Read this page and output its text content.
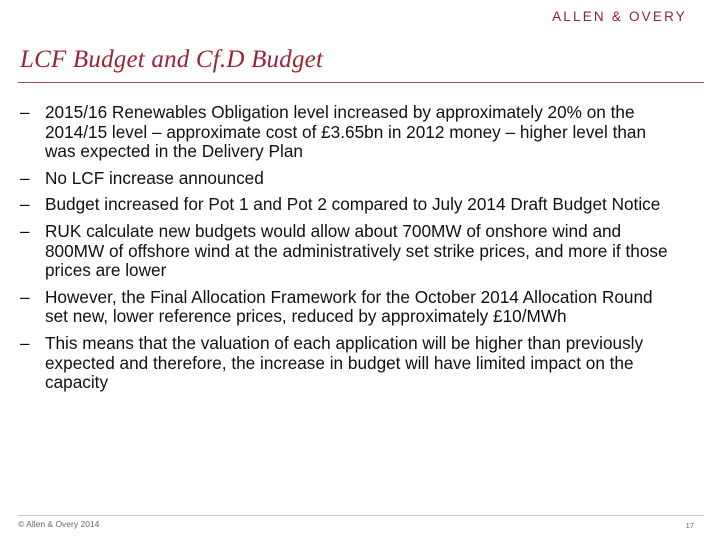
ALLEN & OVERY
LCF Budget and Cf.D Budget
– 2015/16 Renewables Obligation level increased by approximately 20% on the 2014/15 level – approximate cost of £3.65bn in 2012 money – higher level than was expected in the Delivery Plan
– No LCF increase announced
– Budget increased for Pot 1 and Pot 2 compared to July 2014 Draft Budget Notice
– RUK calculate new budgets would allow about 700MW of onshore wind and 800MW of offshore wind at the administratively set strike prices, and more if those prices are lower
– However, the Final Allocation Framework for the October 2014 Allocation Round set new, lower reference prices, reduced by approximately £10/MWh
– This means that the valuation of each application will be higher than previously expected and therefore, the increase in budget will have limited impact on the capacity
© Allen & Overy 2014	17
